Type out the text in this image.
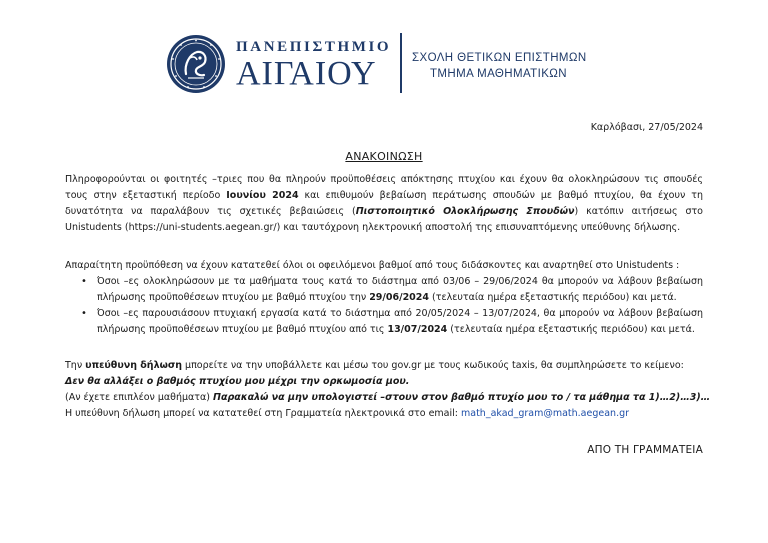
ΠΑΝΕΠΙΣΤΗΜΙΟ
ΑΙΓΑΙΟΥ	ΣΧΟΛΗ ΘΕΤΙΚΩΝ ΕΠΙΣΤΗΜΩΝ
ΤΜΗΜΑ ΜΑΘΗΜΑΤΙΚΩΝ
Καρλόβασι, 27/05/2024
ΑΝΑΚΟΙΝΩΣΗ
Πληροφορούνται οι φοιτητές –τριες που θα πληρούν προϋποθέσεις απόκτησης πτυχίου και έχουν θα ολοκληρώσουν τις σπουδές τους στην εξεταστική περίοδο Ιουνίου 2024 και επιθυμούν βεβαίωση περάτωσης σπουδών με βαθμό πτυχίου, θα έχουν τη δυνατότητα να παραλάβουν τις σχετικές βεβαιώσεις (Πιστοποιητικό Ολοκλήρωσης Σπουδών) κατόπιν αιτήσεως στο Unistudents (https://uni-students.aegean.gr/) και ταυτόχρονη ηλεκτρονική αποστολή της επισυναπτόμενης υπεύθυνης δήλωσης.
Απαραίτητη προϋπόθεση να έχουν κατατεθεί όλοι οι οφειλόμενοι βαθμοί από τους διδάσκοντες και αναρτηθεί στο Unistudents :
• Όσοι –ες ολοκληρώσουν με τα μαθήματα τους κατά το διάστημα από 03/06 – 29/06/2024 θα μπορούν να λάβουν βεβαίωση πλήρωσης προϋποθέσεων πτυχίου με βαθμό πτυχίου την 29/06/2024 (τελευταία ημέρα εξεταστικής περιόδου) και μετά.
• Όσοι –ες παρουσιάσουν πτυχιακή εργασία κατά το διάστημα από 20/05/2024 – 13/07/2024, θα μπορούν να λάβουν βεβαίωση πλήρωσης προϋποθέσεων πτυχίου με βαθμό πτυχίου από τις 13/07/2024 (τελευταία ημέρα εξεταστικής περιόδου) και μετά.
Την υπεύθυνη δήλωση μπορείτε να την υποβάλλετε και μέσω του gov.gr με τους κωδικούς taxis, θα συμπληρώσετε το κείμενο:
Δεν θα αλλάξει ο βαθμός πτυχίου μου μέχρι την ορκωμοσία μου.
(Αν έχετε επιπλέον μαθήματα) Παρακαλώ να μην υπολογιστεί –στουν στον βαθμό πτυχίο μου το / τα μάθημα τα 1)…2)…3)…
Η υπεύθυνη δήλωση μπορεί να κατατεθεί στη Γραμματεία ηλεκτρονικά στο email: math_akad_gram@math.aegean.gr
ΑΠΟ ΤΗ ΓΡΑΜΜΑΤΕΙΑ
